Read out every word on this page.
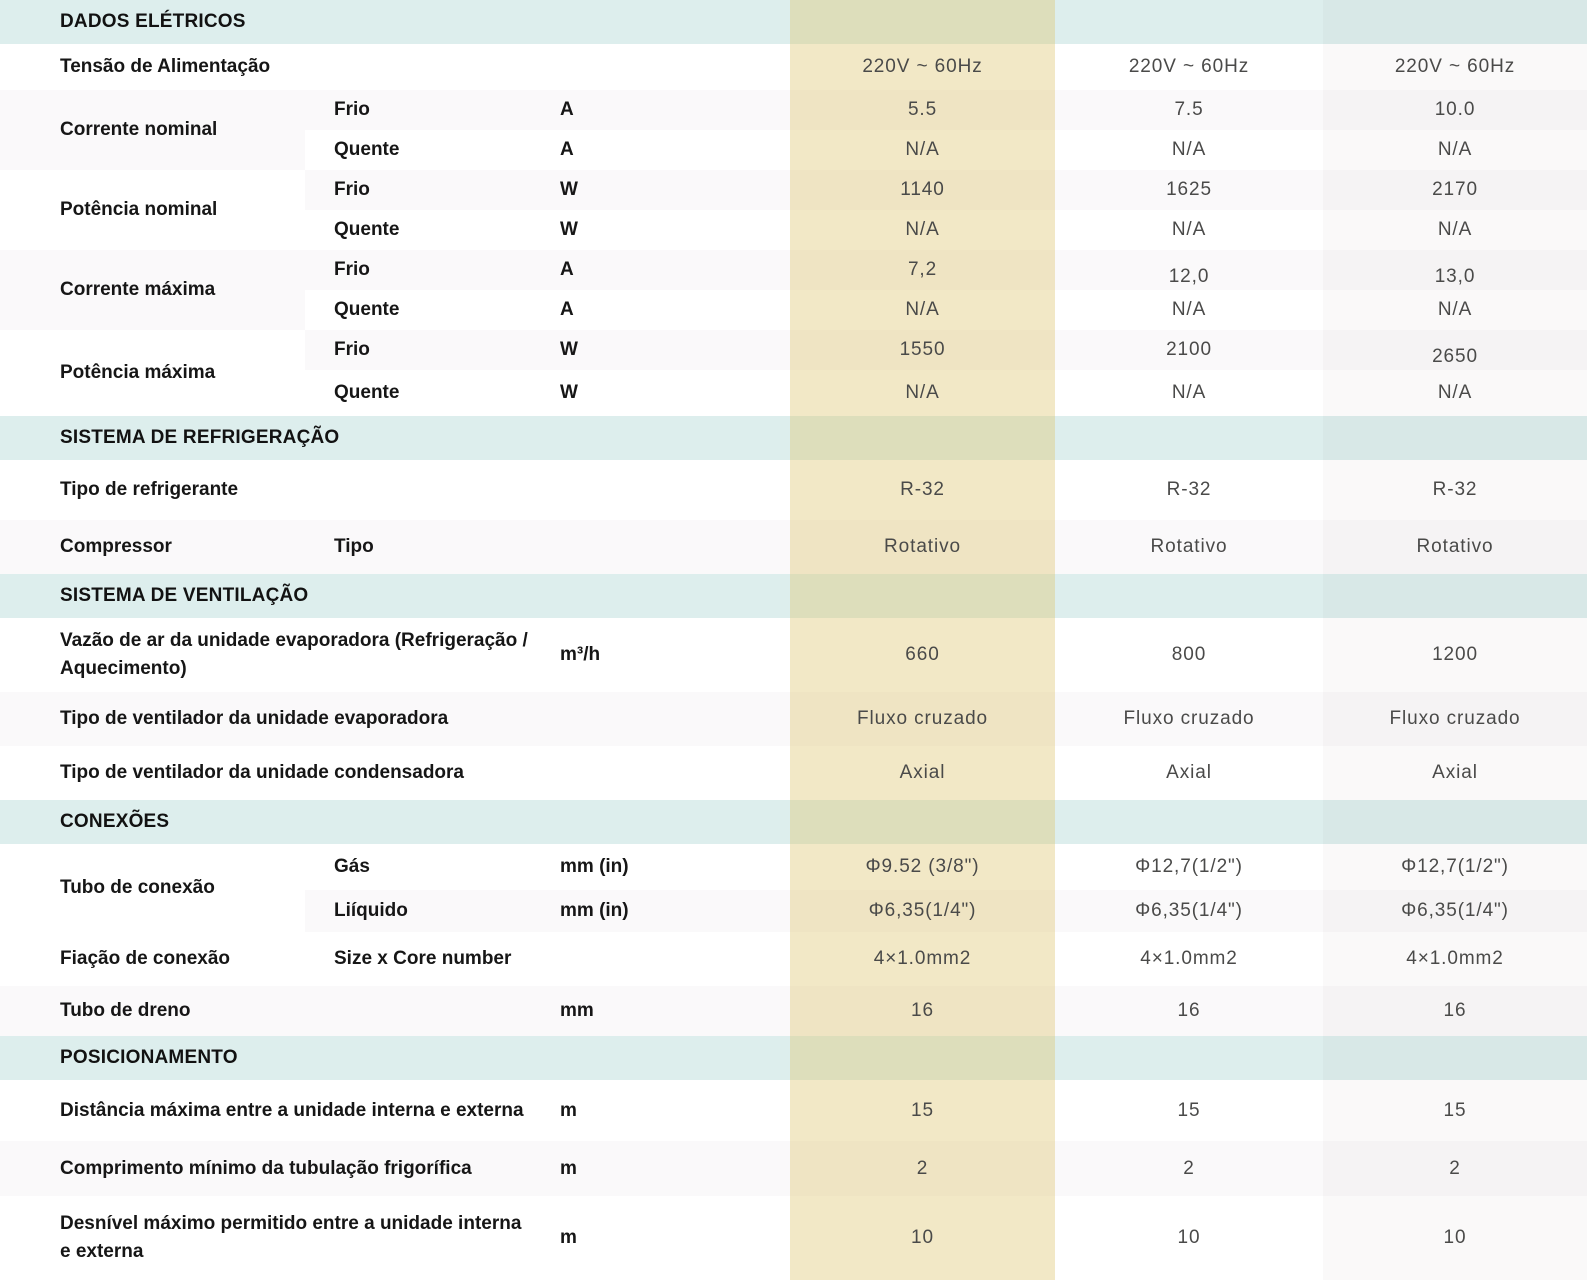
DADOS ELÉTRICOS
Tensão de Alimentação	220V ~ 60Hz	220V ~ 60Hz	220V ~ 60Hz
Corrente nominal
Frio	A	5.5	7.5	10.0
Quente	A	N/A	N/A	N/A
Potência nominal
Frio	W	1140	1625	2170
Quente	W	N/A	N/A	N/A
Corrente máxima
Frio	A	7,2	12,0	13,0
Quente	A	N/A	N/A	N/A
Potência máxima
Frio	W	1550	2100	2650
Quente	W	N/A	N/A	N/A
SISTEMA DE REFRIGERAÇÃO
Tipo de refrigerante	R-32	R-32	R-32
Compressor	Tipo	Rotativo	Rotativo	Rotativo
SISTEMA DE VENTILAÇÃO
Vazão de ar da unidade evaporadora (Refrigeração / Aquecimento)
m³/h	660	800	1200
Tipo de ventilador da unidade evaporadora	Fluxo cruzado	Fluxo cruzado	Fluxo cruzado
Tipo de ventilador da unidade condensadora	Axial	Axial	Axial
CONEXÕES
Tubo de conexão
Gás	mm (in)	Φ9.52 (3/8")	Φ12,7(1/2")	Φ12,7(1/2")
Liíquido	mm (in)	Φ6,35(1/4")	Φ6,35(1/4")	Φ6,35(1/4")
Fiação de conexão	Size x Core number	4×1.0mm2	4×1.0mm2	4×1.0mm2
Tubo de dreno	mm	16	16	16
POSICIONAMENTO
Distância máxima entre a unidade interna e externa	m	15	15	15
Comprimento mínimo da tubulação frigorífica	m	2	2	2
Desnível máximo permitido entre a unidade interna e externa
m	10	10	10
